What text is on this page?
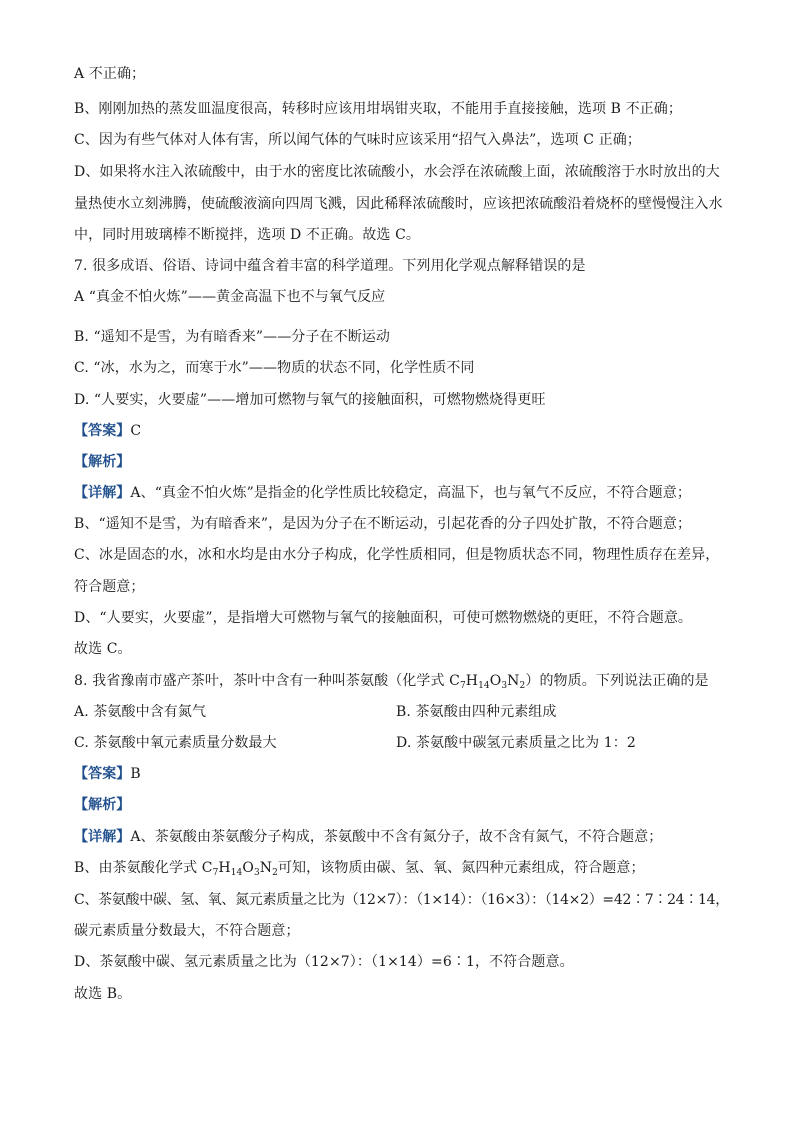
A 不正确；
B、刚刚加热的蒸发皿温度很高，转移时应该用坩埚钳夹取，不能用手直接接触，选项 B 不正确；
C、因为有些气体对人体有害，所以闻气体的气味时应该采用“招气入鼻法”，选项 C 正确；
D、如果将水注入浓硫酸中，由于水的密度比浓硫酸小，水会浮在浓硫酸上面，浓硫酸溶于水时放出的大
量热使水立刻沸腾，使硫酸液滴向四周飞溅，因此稀释浓硫酸时，应该把浓硫酸沿着烧杯的壁慢慢注入水
中，同时用玻璃棒不断搅拌，选项 D 不正确。故选 C。
7. 很多成语、俗语、诗词中蕴含着丰富的科学道理。下列用化学观点解释错误的是
A “真金不怕火炼”——黄金高温下也不与氧气反应
B. “遥知不是雪，为有暗香来”——分子在不断运动
C. “冰，水为之，而寒于水”——物质的状态不同，化学性质不同
D. “人要实，火要虚”——增加可燃物与氧气的接触面积，可燃物燃烧得更旺
【答案】C
【解析】
【详解】A、“真金不怕火炼”是指金的化学性质比较稳定，高温下，也与氧气不反应，不符合题意；
B、“遥知不是雪，为有暗香来”，是因为分子在不断运动，引起花香的分子四处扩散，不符合题意；
C、冰是固态的水，冰和水均是由水分子构成，化学性质相同，但是物质状态不同，物理性质存在差异，
符合题意；
D、“人要实，火要虚”，是指增大可燃物与氧气的接触面积，可使可燃物燃烧的更旺，不符合题意。
故选 C。
8. 我省豫南市盛产茶叶，茶叶中含有一种叫茶氨酸（化学式 $C_7H_{14}O_3N_2$）的物质。下列说法正确的是
A. 茶氨酸中含有氮气	B. 茶氨酸由四种元素组成
C. 茶氨酸中氧元素质量分数最大	D. 茶氨酸中碳氢元素质量之比为 1：2
【答案】B
【解析】
【详解】A、茶氨酸由茶氨酸分子构成，茶氨酸中不含有氮分子，故不含有氮气，不符合题意；
B、由茶氨酸化学式 $C_7H_{14}O_3N_2$可知，该物质由碳、氢、氧、氮四种元素组成，符合题意；
C、茶氨酸中碳、氢、氧、氮元素质量之比为（12×7）：（1×14）：（16×3）：（14×2）=42∶7∶24∶14，
碳元素质量分数最大，不符合题意；
D、茶氨酸中碳、氢元素质量之比为（12×7）：（1×14）=6∶1，不符合题意。
故选 B。
